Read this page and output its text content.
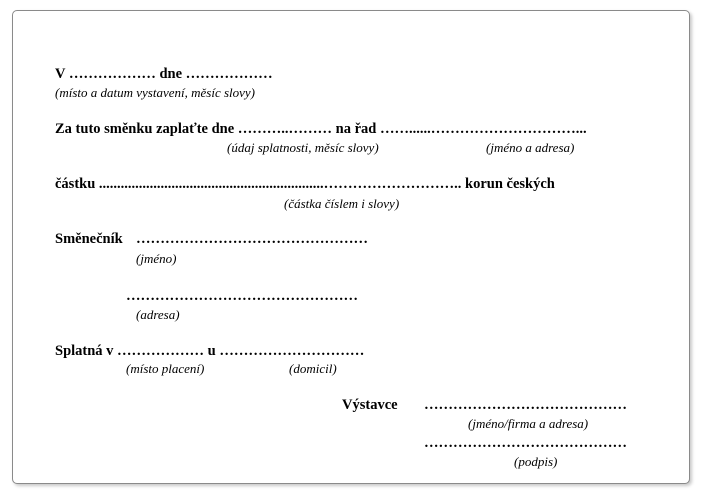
V ……………… dne ………………

(místo a datum vystavení, měsíc slovy)

Za tuto směnku zaplaťte dne ………..……… na řad ……......…………………………...

(údaj splatnosti, měsíc slovy)	(jméno a adresa)

částku ..............................................................……………………….. korun českých

(částka číslem i slovy)

Směnečník …………………………………………

(jméno)

…………………………………………

(adresa)

Splatná v ……………… u …………………………

(místo placení)	(domicil)

Výstavce ……………………………………

(jméno/firma a adresa)

……………………………………

(podpis)
